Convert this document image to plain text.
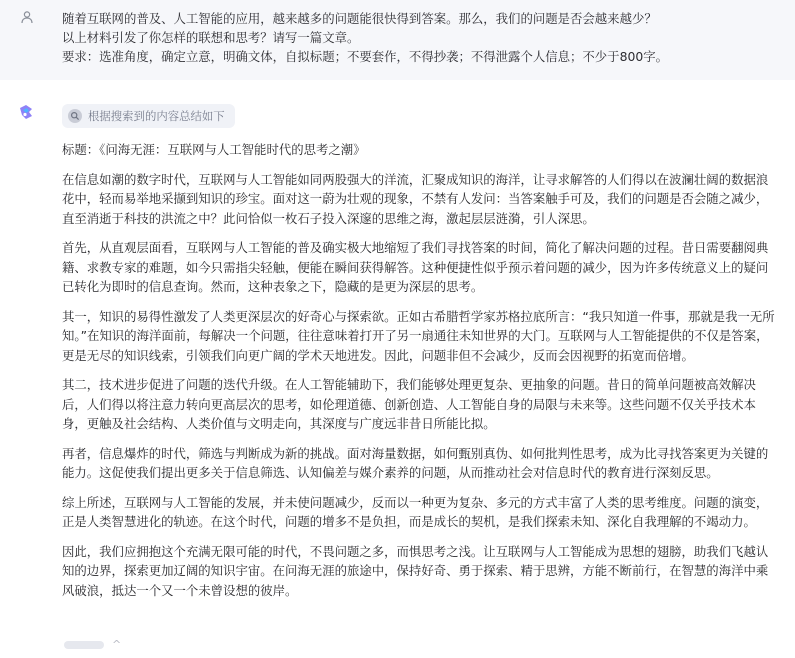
随着互联网的普及、人工智能的应用，越来越多的问题能很快得到答案。那么，我们的问题是否会越来越少？
以上材料引发了你怎样的联想和思考？请写一篇文章。
要求：选准角度，确定立意，明确文体，自拟标题；不要套作，不得抄袭；不得泄露个人信息；不少于800字。
根据搜索到的内容总结如下

标题：《问海无涯：互联网与人工智能时代的思考之潮》

在信息如潮的数字时代，互联网与人工智能如同两股强大的洋流，汇聚成知识的海洋，让寻求解答的人们得以在波澜壮阔的数据浪花中，轻而易举地采撷到知识的珍宝。面对这一蔚为壮观的现象，不禁有人发问：当答案触手可及，我们的问题是否会随之减少，直至消逝于科技的洪流之中？此问恰似一枚石子投入深邃的思维之海，激起层层涟漪，引人深思。

首先，从直观层面看，互联网与人工智能的普及确实极大地缩短了我们寻找答案的时间，简化了解决问题的过程。昔日需要翻阅典籍、求教专家的难题，如今只需指尖轻触，便能在瞬间获得解答。这种便捷性似乎预示着问题的减少，因为许多传统意义上的疑问已转化为即时的信息查询。然而，这种表象之下，隐藏的是更为深层的思考。

其一，知识的易得性激发了人类更深层次的好奇心与探索欲。正如古希腊哲学家苏格拉底所言：“我只知道一件事，那就是我一无所知。”在知识的海洋面前，每解决一个问题，往往意味着打开了另一扇通往未知世界的大门。互联网与人工智能提供的不仅是答案，更是无尽的知识线索，引领我们向更广阔的学术天地进发。因此，问题非但不会减少，反而会因视野的拓宽而倍增。

其二，技术进步促进了问题的迭代升级。在人工智能辅助下，我们能够处理更复杂、更抽象的问题。昔日的简单问题被高效解决后，人们得以将注意力转向更高层次的思考，如伦理道德、创新创造、人工智能自身的局限与未来等。这些问题不仅关乎技术本身，更触及社会结构、人类价值与文明走向，其深度与广度远非昔日所能比拟。

再者，信息爆炸的时代，筛选与判断成为新的挑战。面对海量数据，如何甄别真伪、如何批判性思考，成为比寻找答案更为关键的能力。这促使我们提出更多关于信息筛选、认知偏差与媒介素养的问题，从而推动社会对信息时代的教育进行深刻反思。

综上所述，互联网与人工智能的发展，并未使问题减少，反而以一种更为复杂、多元的方式丰富了人类的思考维度。问题的演变，正是人类智慧进化的轨迹。在这个时代，问题的增多不是负担，而是成长的契机，是我们探索未知、深化自我理解的不竭动力。

因此，我们应拥抱这个充满无限可能的时代，不畏问题之多，而惧思考之浅。让互联网与人工智能成为思想的翅膀，助我们飞越认知的边界，探索更加辽阔的知识宇宙。在问海无涯的旅途中，保持好奇、勇于探索、精于思辨，方能不断前行，在智慧的海洋中乘风破浪，抵达一个又一个未曾设想的彼岸。

^
